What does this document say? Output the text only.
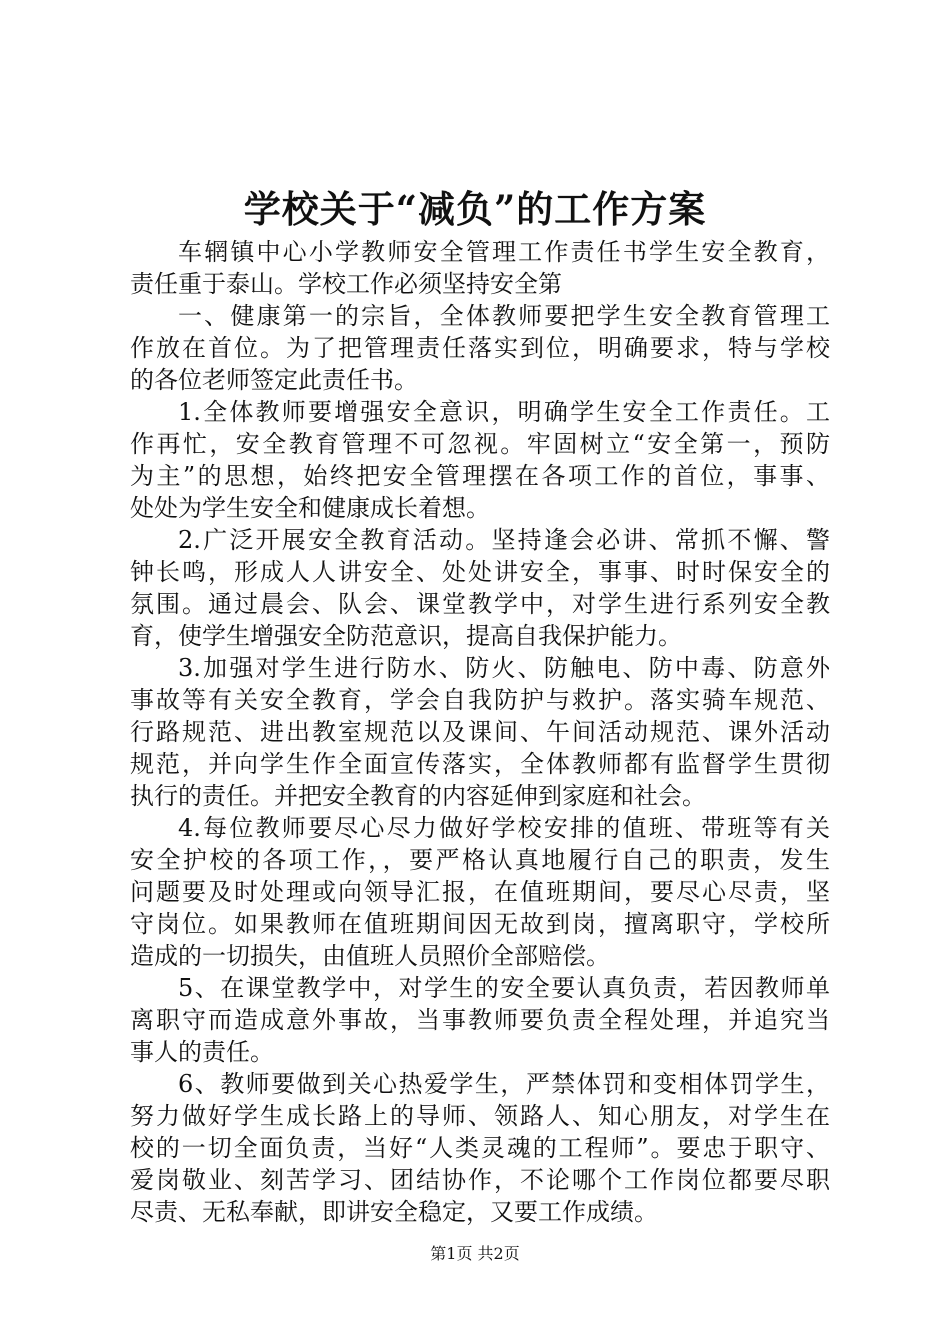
学校关于“减负”的工作方案
车辋镇中心小学教师安全管理工作责任书学生安全教育，
责任重于泰山。学校工作必须坚持安全第
一、健康第一的宗旨，全体教师要把学生安全教育管理工
作放在首位。为了把管理责任落实到位，明确要求，特与学校
的各位老师签定此责任书。
1.全体教师要增强安全意识，明确学生安全工作责任。工
作再忙，安全教育管理不可忽视。牢固树立“安全第一，预防
为主”的思想，始终把安全管理摆在各项工作的首位，事事、
处处为学生安全和健康成长着想。
2.广泛开展安全教育活动。坚持逢会必讲、常抓不懈、警
钟长鸣，形成人人讲安全、处处讲安全，事事、时时保安全的
氛围。通过晨会、队会、课堂教学中，对学生进行系列安全教
育，使学生增强安全防范意识，提高自我保护能力。
3.加强对学生进行防水、防火、防触电、防中毒、防意外
事故等有关安全教育，学会自我防护与救护。落实骑车规范、
行路规范、进出教室规范以及课间、午间活动规范、课外活动
规范，并向学生作全面宣传落实，全体教师都有监督学生贯彻
执行的责任。并把安全教育的内容延伸到家庭和社会。
4.每位教师要尽心尽力做好学校安排的值班、带班等有关
安全护校的各项工作，，要严格认真地履行自己的职责，发生
问题要及时处理或向领导汇报，在值班期间，要尽心尽责，坚
守岗位。如果教师在值班期间因无故到岗，擅离职守，学校所
造成的一切损失，由值班人员照价全部赔偿。
5、在课堂教学中，对学生的安全要认真负责，若因教师单
离职守而造成意外事故，当事教师要负责全程处理，并追究当
事人的责任。
6、教师要做到关心热爱学生，严禁体罚和变相体罚学生，
努力做好学生成长路上的导师、领路人、知心朋友，对学生在
校的一切全面负责，当好“人类灵魂的工程师”。要忠于职守、
爱岗敬业、刻苦学习、团结协作，不论哪个工作岗位都要尽职
尽责、无私奉献，即讲安全稳定，又要工作成绩。
第1页 共2页
